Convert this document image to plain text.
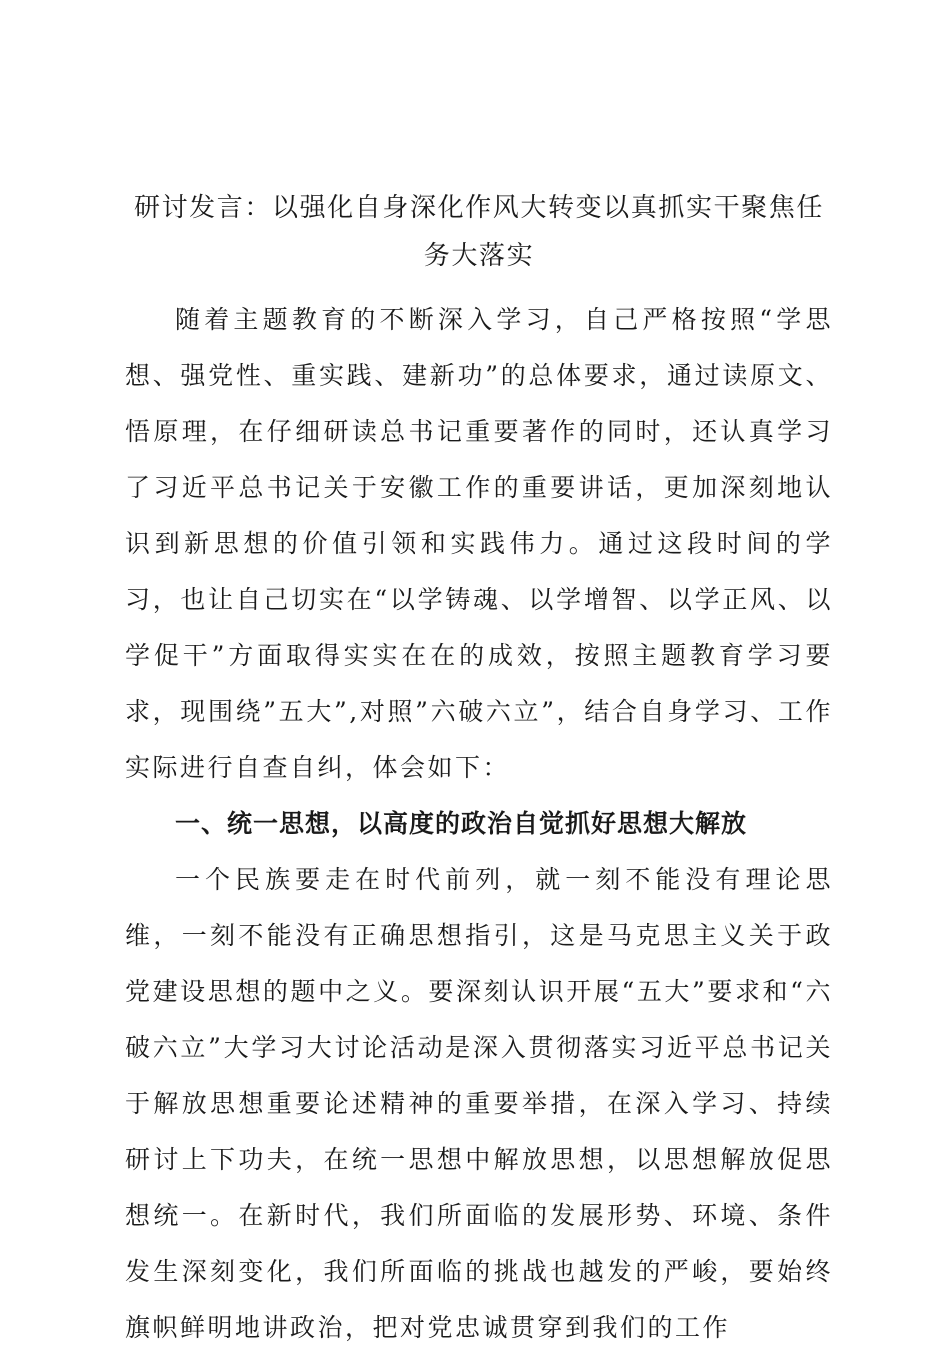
研讨发言：以强化自身深化作风大转变以真抓实干聚焦任务大落实

随着主题教育的不断深入学习，自己严格按照“学思想、强党性、重实践、建新功”的总体要求，通过读原文、悟原理，在仔细研读总书记重要著作的同时，还认真学习了习近平总书记关于安徽工作的重要讲话，更加深刻地认识到新思想的价值引领和实践伟力。通过这段时间的学习，也让自己切实在“以学铸魂、以学增智、以学正风、以学促干”方面取得实实在在的成效，按照主题教育学习要求，现围绕”五大”,对照”六破六立”，结合自身学习、工作实际进行自查自纠，体会如下：

一、统一思想，以高度的政治自觉抓好思想大解放

一个民族要走在时代前列，就一刻不能没有理论思维，一刻不能没有正确思想指引，这是马克思主义关于政党建设思想的题中之义。要深刻认识开展“五大”要求和“六破六立”大学习大讨论活动是深入贯彻落实习近平总书记关于解放思想重要论述精神的重要举措，在深入学习、持续研讨上下功夫，在统一思想中解放思想，以思想解放促思想统一。在新时代，我们所面临的发展形势、环境、条件发生深刻变化，我们所面临的挑战也越发的严峻，要始终旗帜鲜明地讲政治，把对党忠诚贯穿到我们的工作
